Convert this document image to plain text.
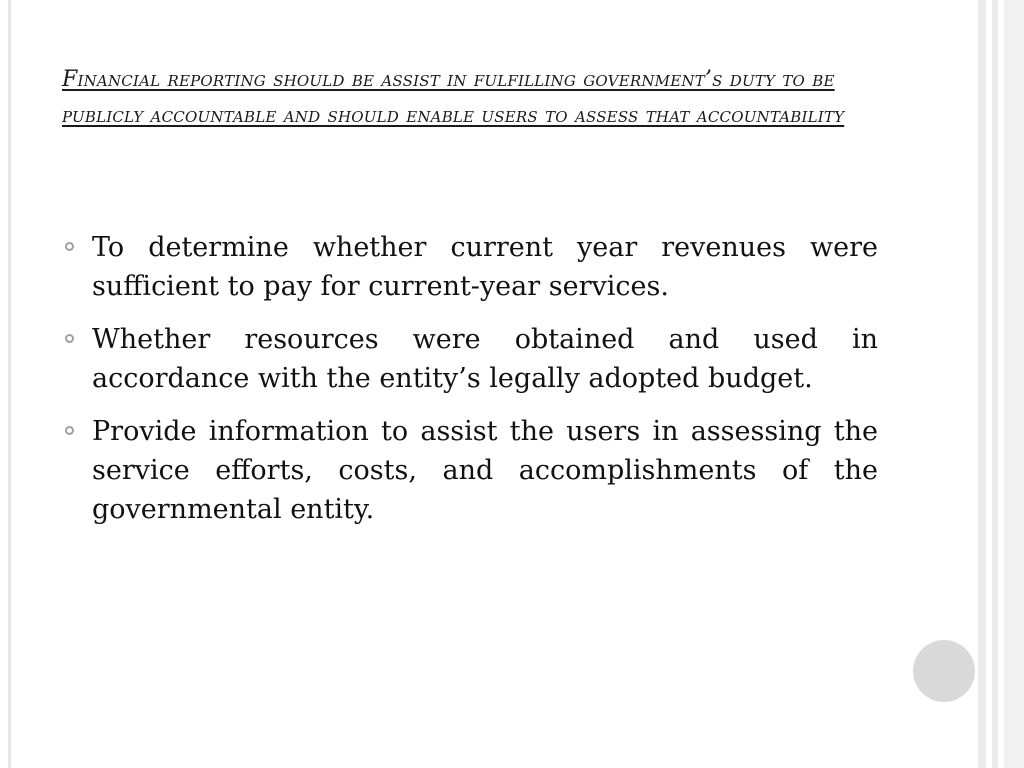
Financial reporting should be assist in fulfilling government’s duty to be publicly accountable and should enable users to assess that accountability
To determine whether current year revenues were sufficient to pay for current-year services.
Whether resources were obtained and used in accordance with the entity’s legally adopted budget.
Provide information to assist the users in assessing the service efforts, costs, and accomplishments of the governmental entity.
